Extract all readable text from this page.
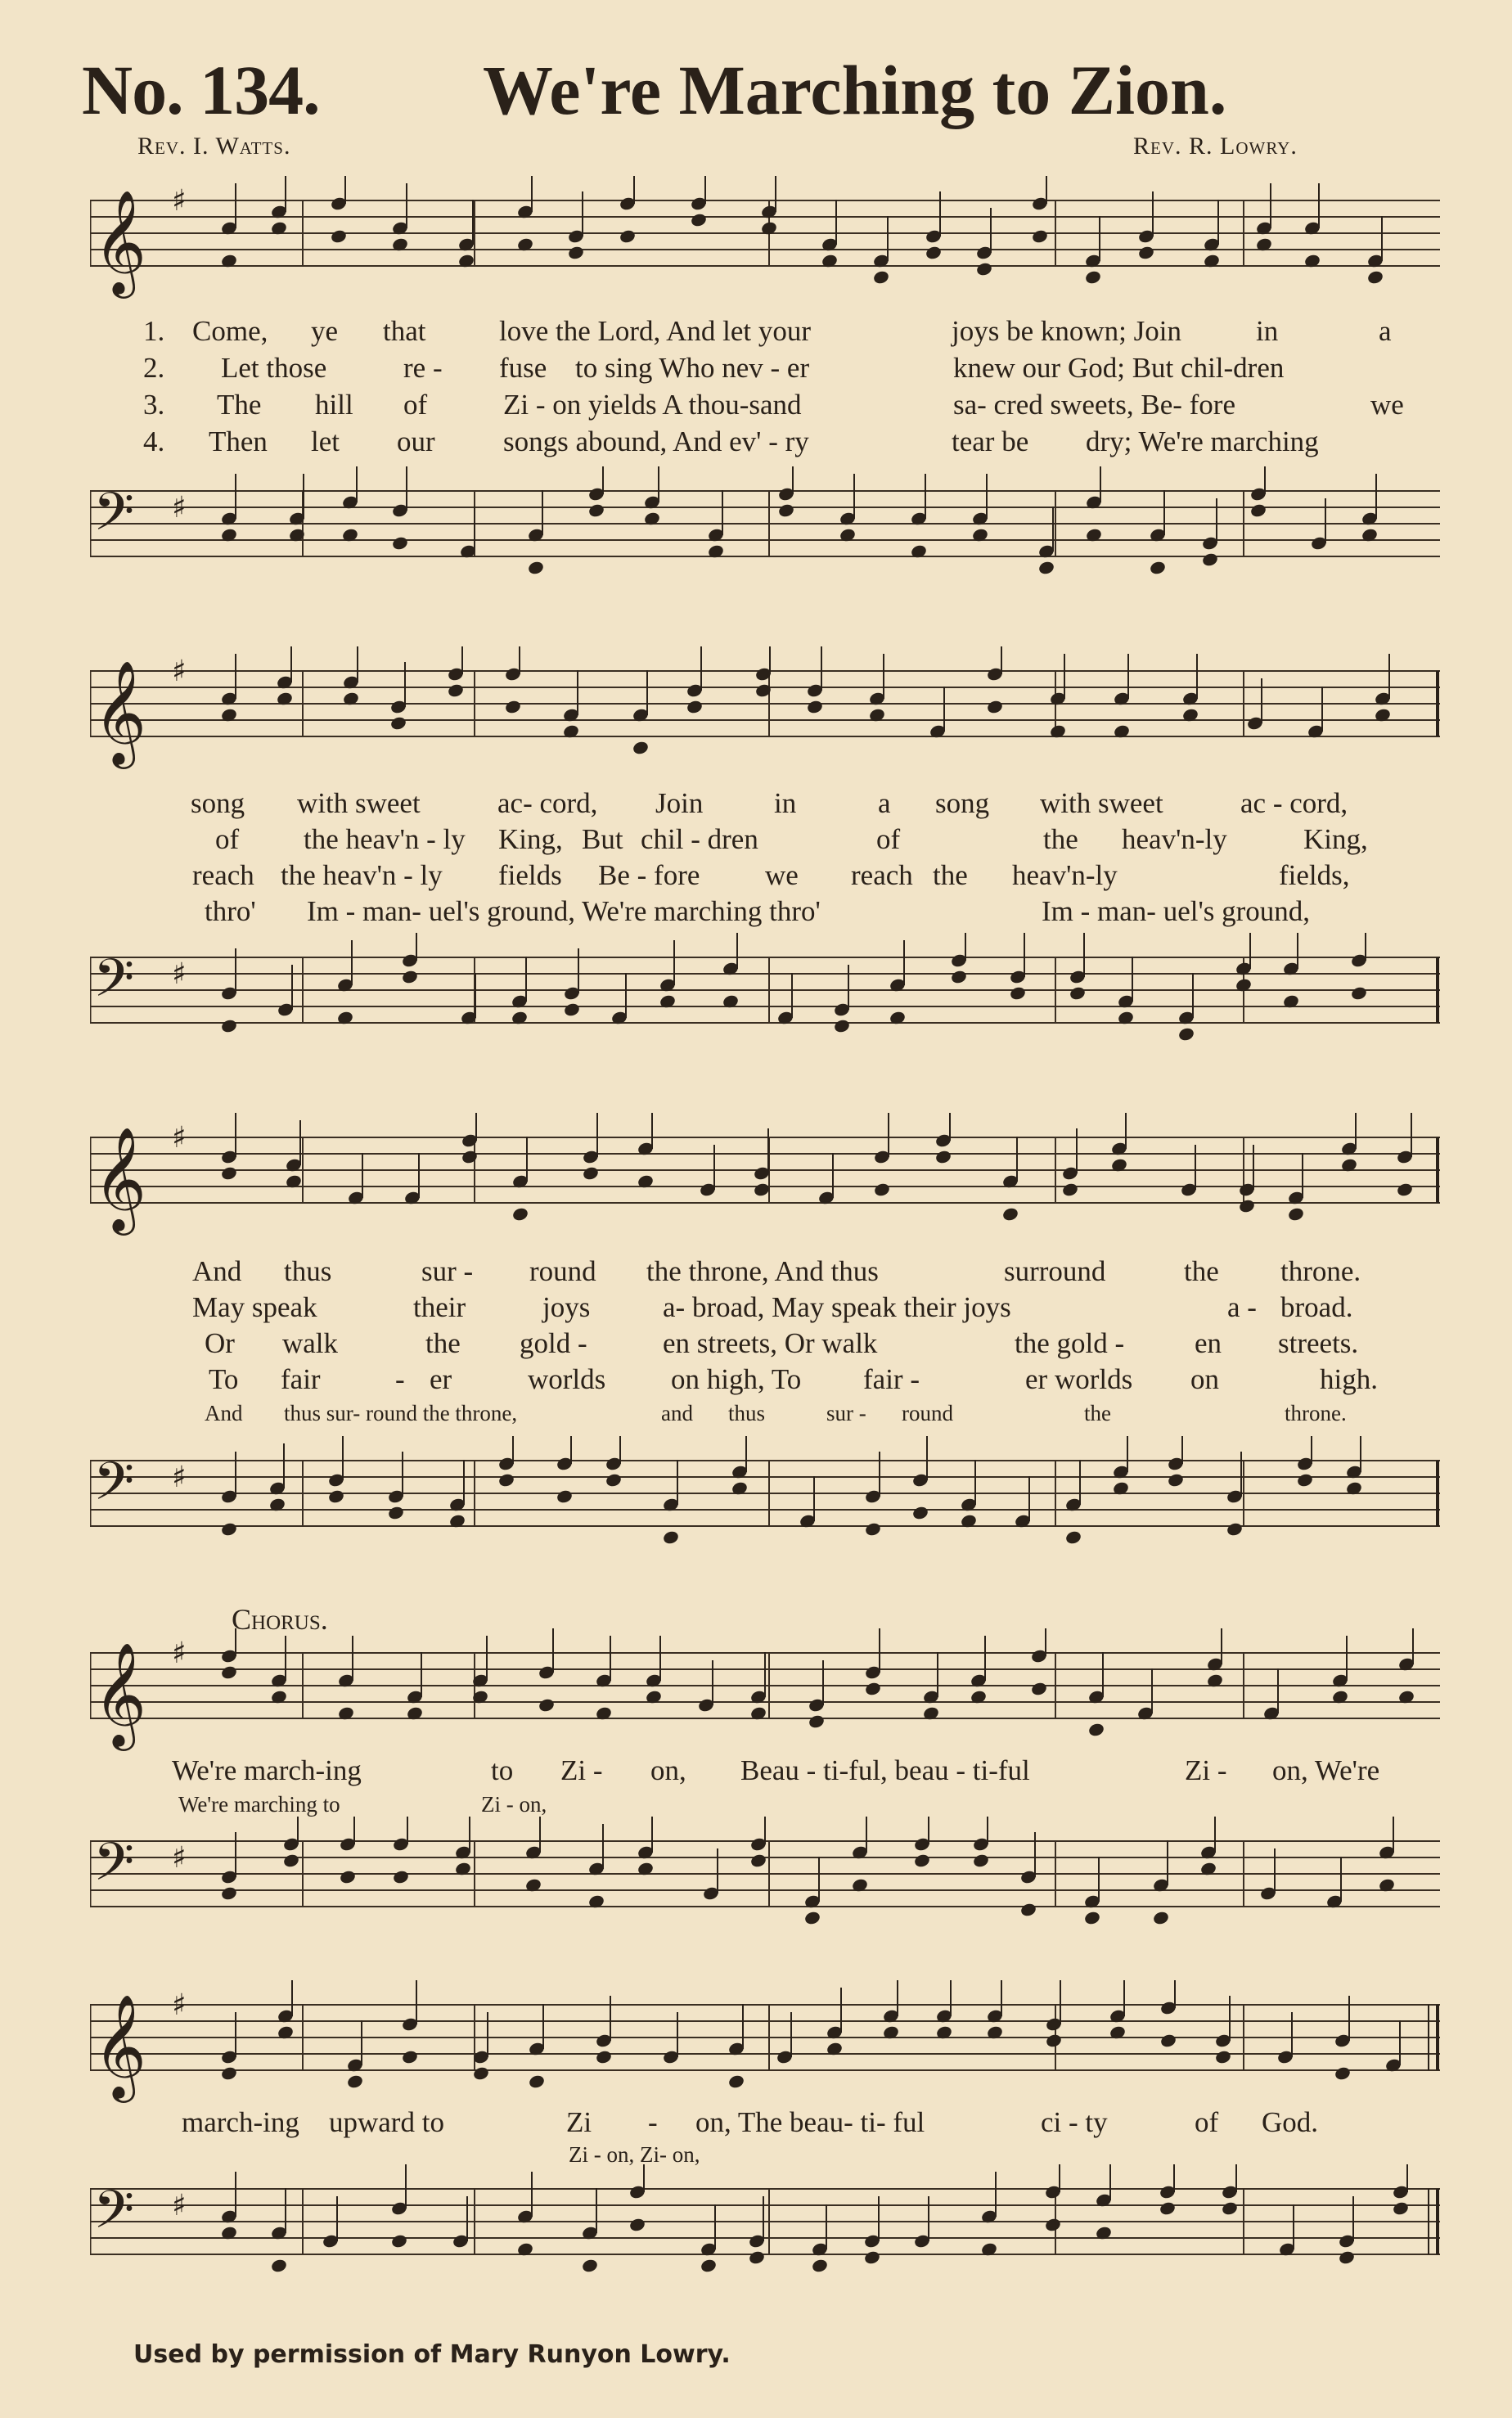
No. 134. We're Marching to Zion.
Rev. I. Watts.	Rev. R. Lowry.
𝄞 ♯
1. Come, ye that	love the Lord, And let your	joys be known; Join	in	a
2. Let those	re - fuse to sing Who nev - er	knew our God; But chil-dren
3. The hill of	Zi - on yields A thou-sand	sa- cred sweets, Be- fore	we
4. Then let our songs abound, And ev' - ry	tear be dry; We're marching
𝄢 ♯
𝄞 ♯
song with sweet	ac- cord, Join in	a song with sweet	ac - cord,
of the heav'n - ly King, But chil - dren	of	the heav'n-ly	King,
reach the heav'n - ly fields Be - fore we reach the heav'n-ly	fields,
thro' Im - man- uel's ground, We're marching thro'	Im - man- uel's ground,
𝄢 ♯
𝄞 ♯
And thus	sur - round the throne, And thus	surround	the throne.
May speak	their	joys	a- broad, May speak their joys	a - broad.
Or walk	the gold -	en streets, Or walk	the gold - en streets.
To fair	- er	worlds on high, To fair -	er worlds on	high.
And thus sur- round the throne,	and thus	sur - round	the	throne.
𝄢 ♯
Chorus.
𝄞 ♯
We're march-ing	to Zi - on, Beau - ti-ful, beau - ti-ful	Zi - on, We're
We're marching to	Zi - on,
𝄢 ♯
𝄞 ♯
march-ing upward to	Zi - on, The beau- ti- ful	ci - ty	of God.
Zi - on, Zi- on,
𝄢 ♯
Used by permission of Mary Runyon Lowry.
